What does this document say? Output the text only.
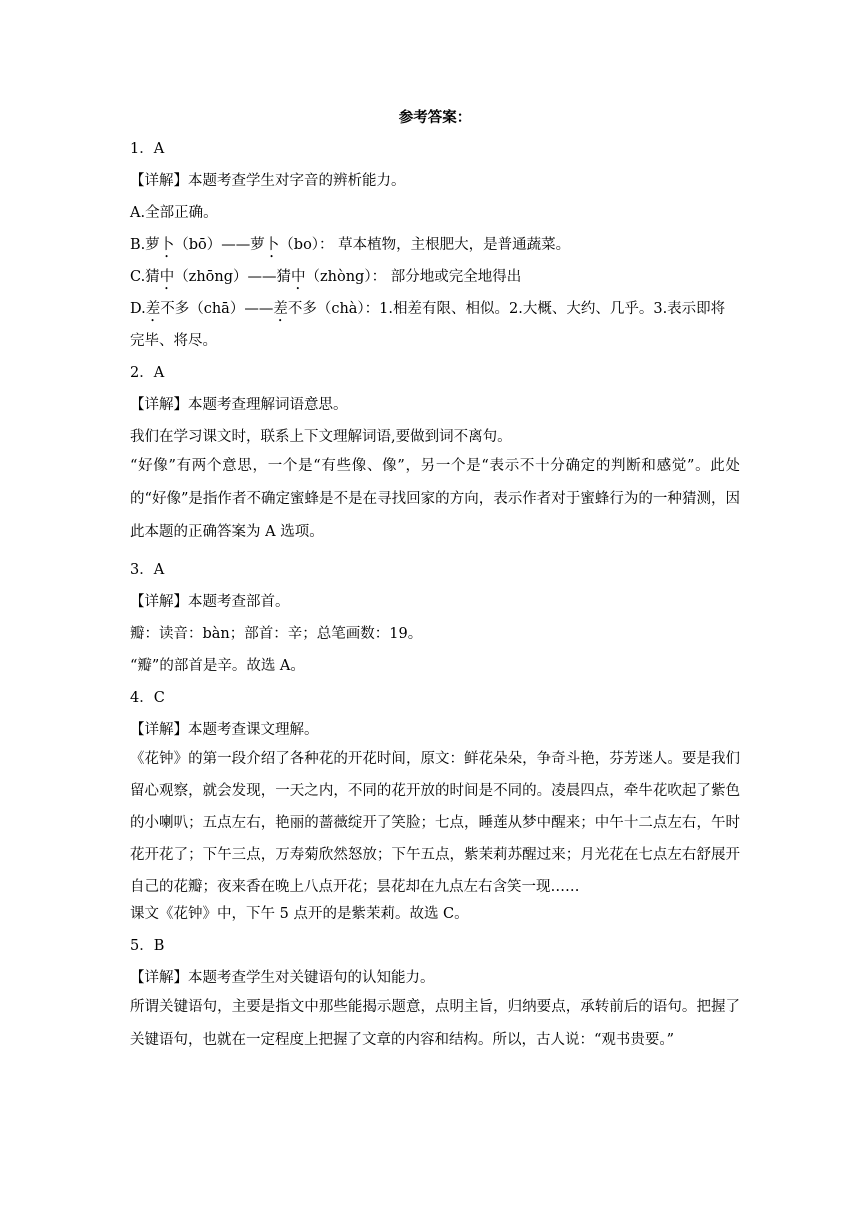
参考答案：
1．A
【详解】本题考查学生对字音的辨析能力。
A.全部正确。
B.萝卜（bō）——萝卜（bo）： 草本植物，主根肥大，是普通蔬菜。
C.猜中（zhōng）——猜中（zhòng）： 部分地或完全地得出
D.差不多（chā）——差不多（chà）：1.相差有限、相似。2.大概、大约、几乎。3.表示即将
完毕、将尽。
2．A
【详解】本题考查理解词语意思。
我们在学习课文时，联系上下文理解词语,要做到词不离句。
“好像”有两个意思，一个是“有些像、像”，另一个是“表示不十分确定的判断和感觉”。此处的“好像”是指作者不确定蜜蜂是不是在寻找回家的方向，表示作者对于蜜蜂行为的一种猜测，因此本题的正确答案为 A 选项。
3．A
【详解】本题考查部首。
瓣：读音：bàn；部首：辛；总笔画数：19。
“瓣”的部首是辛。故选 A。
4．C
【详解】本题考查课文理解。
《花钟》的第一段介绍了各种花的开花时间，原文：鲜花朵朵，争奇斗艳，芬芳迷人。要是我们留心观察，就会发现，一天之内，不同的花开放的时间是不同的。凌晨四点，牵牛花吹起了紫色的小喇叭；五点左右，艳丽的蔷薇绽开了笑脸；七点，睡莲从梦中醒来；中午十二点左右，午时花开花了；下午三点，万寿菊欣然怒放；下午五点，紫茉莉苏醒过来；月光花在七点左右舒展开自己的花瓣；夜来香在晚上八点开花；昙花却在九点左右含笑一现……
课文《花钟》中，下午 5 点开的是紫茉莉。故选 C。
5．B
【详解】本题考查学生对关键语句的认知能力。
所谓关键语句，主要是指文中那些能揭示题意，点明主旨，归纳要点，承转前后的语句。把握了关键语句，也就在一定程度上把握了文章的内容和结构。所以，古人说：“观书贵要。”
